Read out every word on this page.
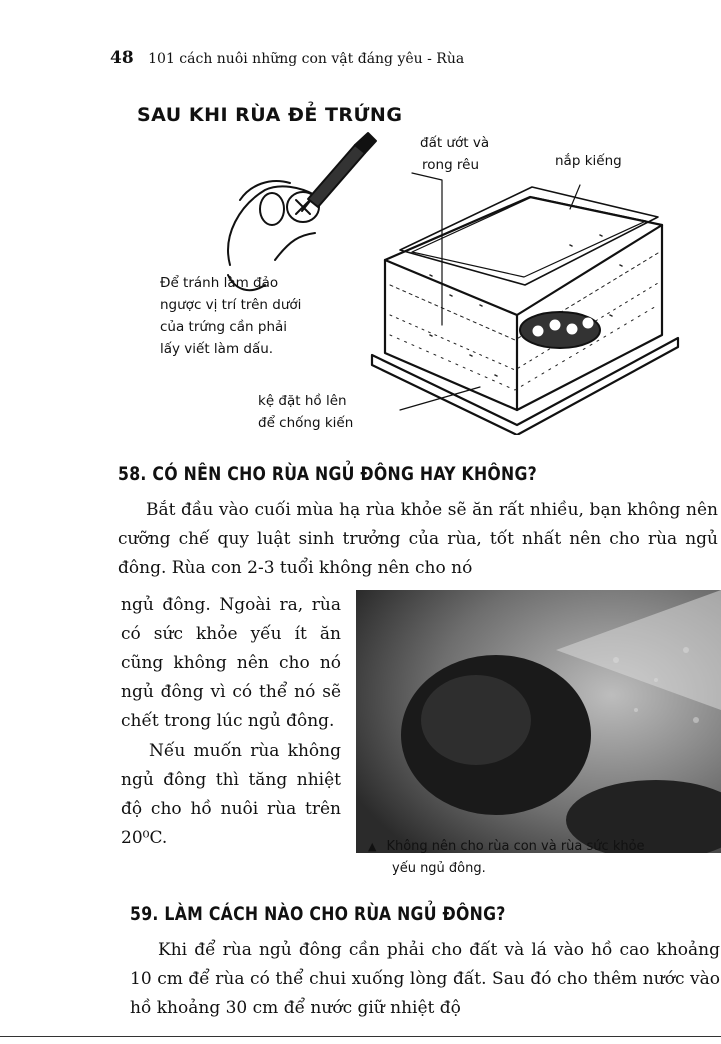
48 101 cách nuôi những con vật đáng yêu - Rùa
SAU KHI RÙA ĐẺ TRỨNG
đất ướt và
rong rêu	nắp kiếng
Để tránh làm đảo
ngược vị trí trên dưới
của trứng cần phải
lấy viết làm dấu.
kệ đặt hồ lên
để chống kiến
58. CÓ NÊN CHO RÙA NGỦ ĐÔNG HAY KHÔNG?

Bắt đầu vào cuối mùa hạ rùa khỏe sẽ ăn rất nhiều, bạn không nên cưỡng chế quy luật sinh trưởng của rùa, tốt nhất nên cho rùa ngủ đông. Rùa con 2-3 tuổi không nên cho nó

ngủ đông. Ngoài ra, rùa có sức khỏe yếu ít ăn cũng không nên cho nó ngủ đông vì có thể nó sẽ chết trong lúc ngủ đông.

Nếu muốn rùa không ngủ đông thì tăng nhiệt độ cho hồ nuôi rùa trên 20⁰C.	▲ Không nên cho rùa con và rùa sức khỏe
yếu ngủ đông.
59. LÀM CÁCH NÀO CHO RÙA NGỦ ĐÔNG?

Khi để rùa ngủ đông cần phải cho đất và lá vào hồ cao khoảng 10 cm để rùa có thể chui xuống lòng đất. Sau đó cho thêm nước vào hồ khoảng 30 cm để nước giữ nhiệt độ
